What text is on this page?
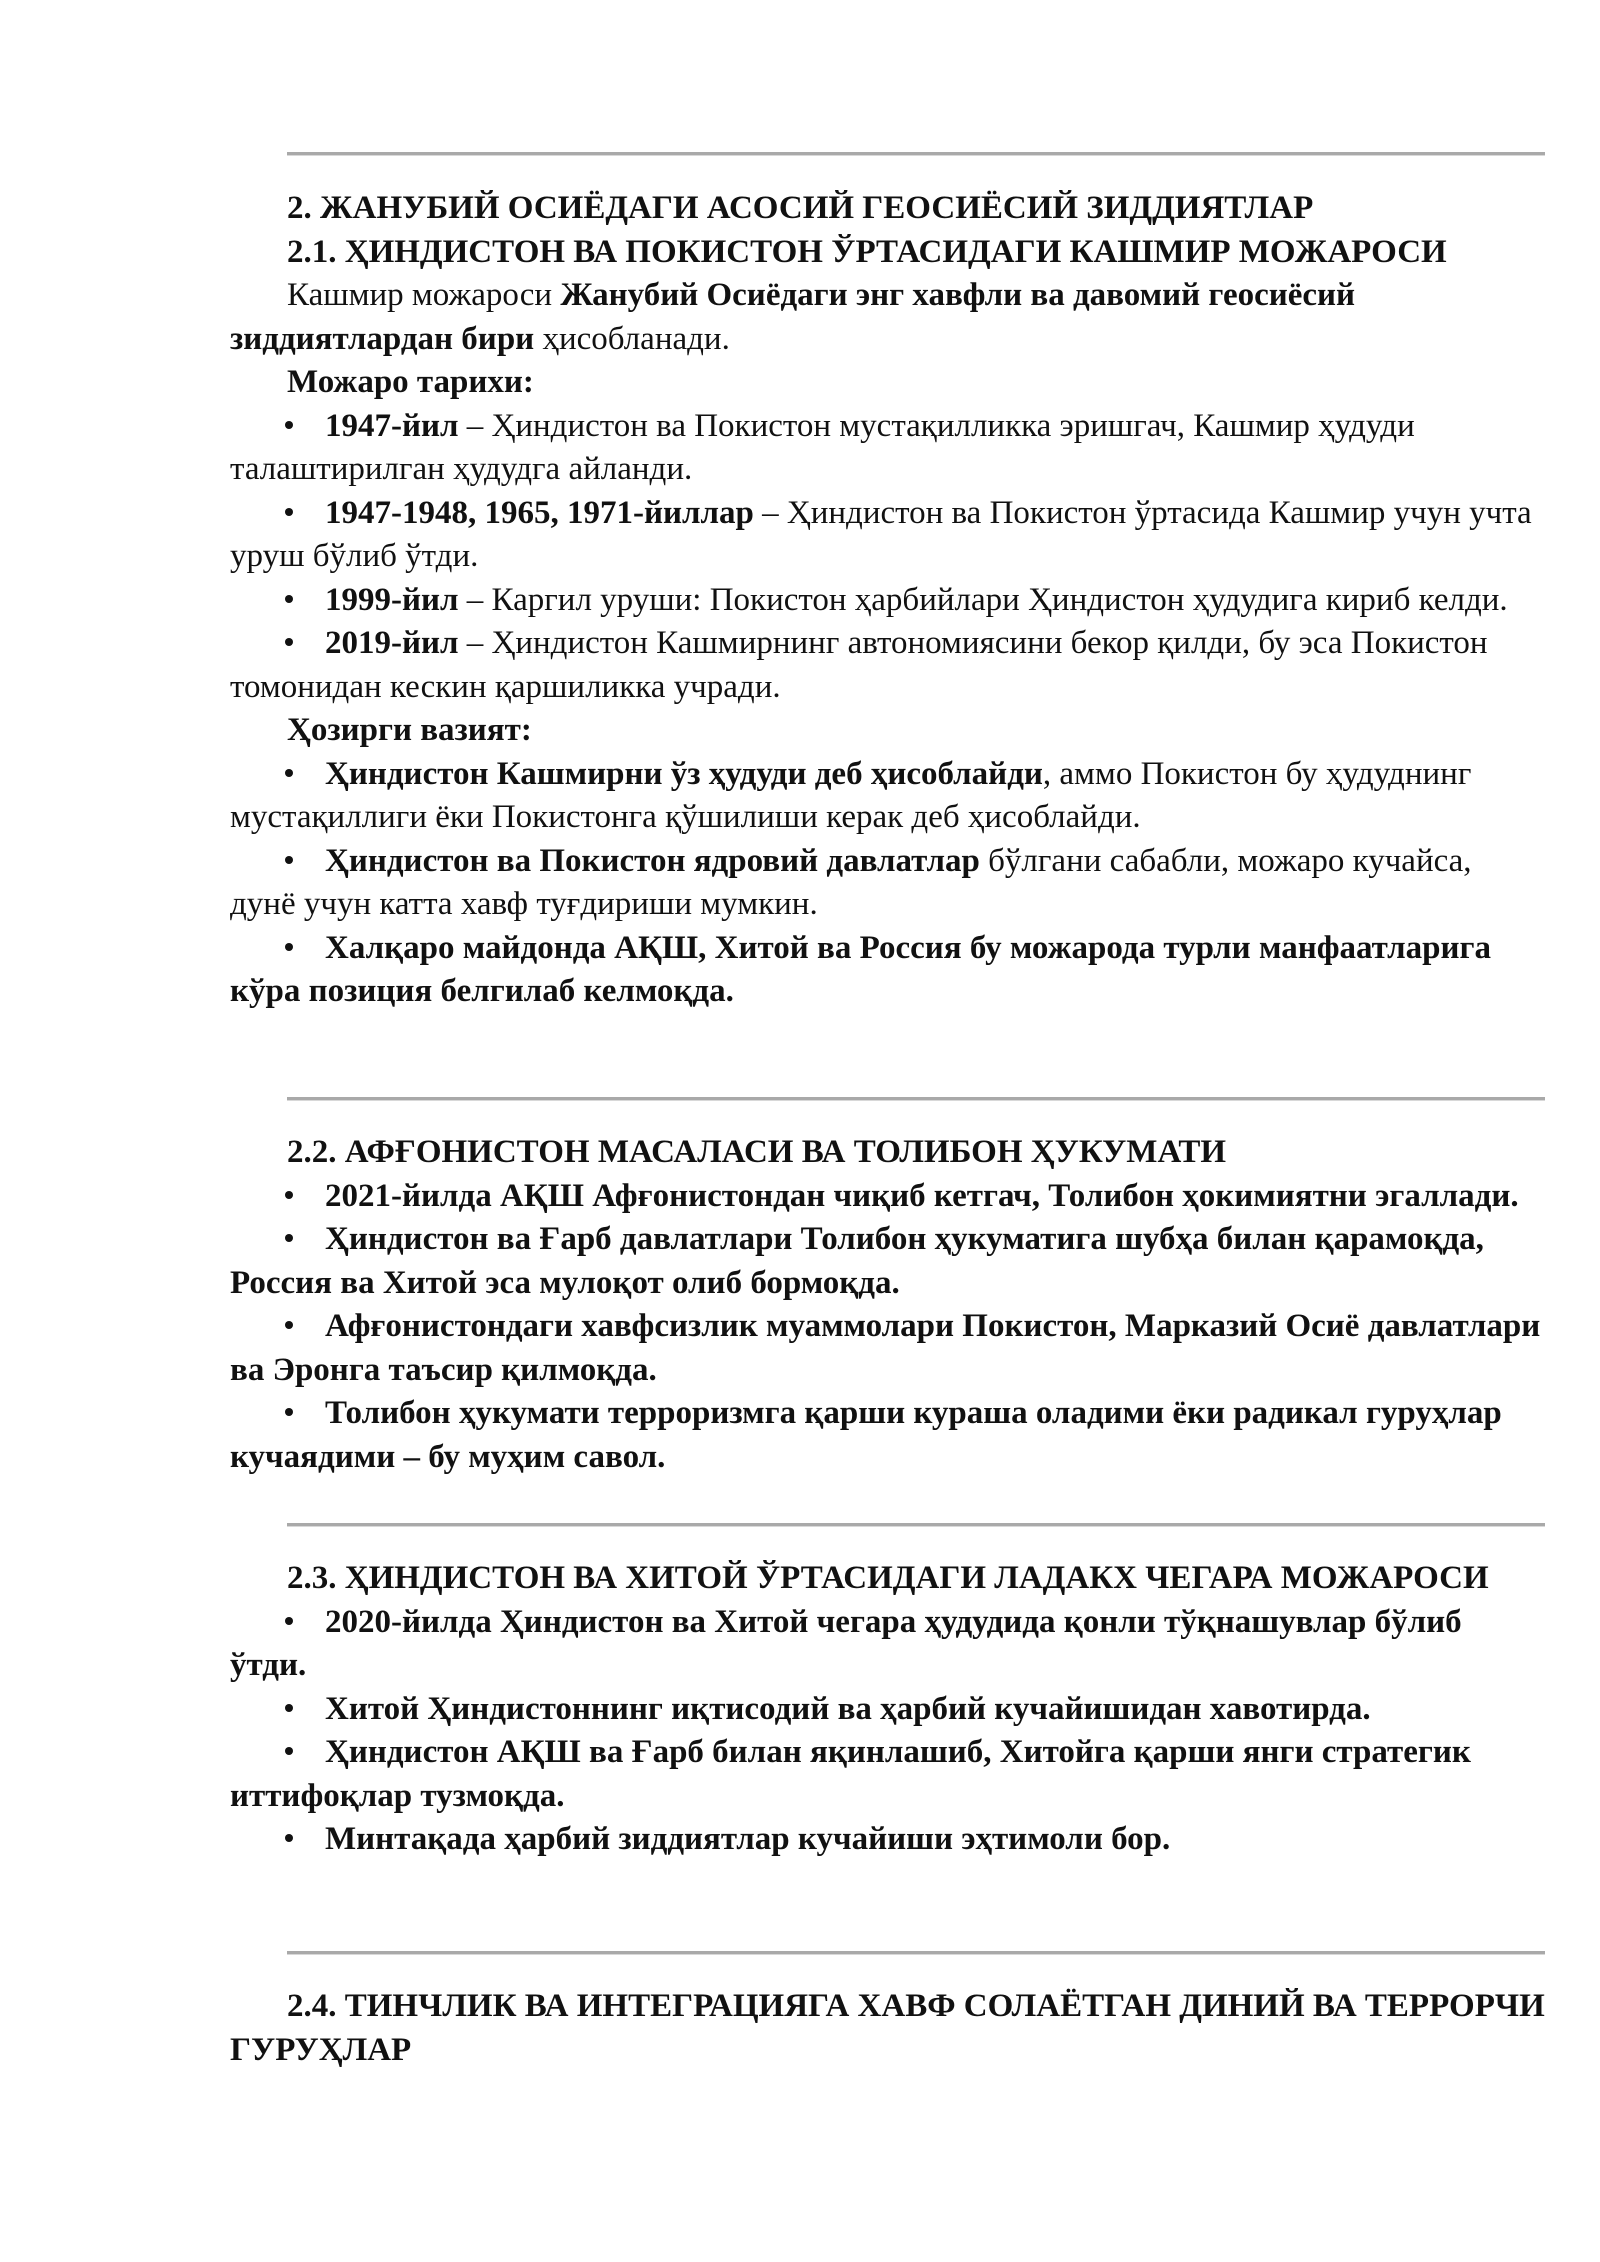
2. ЖАНУБИЙ ОСИЁДАГИ АСОСИЙ ГЕОСИЁСИЙ ЗИДДИЯТЛАР

2.1. ҲИНДИСТОН ВА ПОКИСТОН ЎРТАСИДАГИ КАШМИР МОЖАРОСИ

Кашмир можароси Жанубий Осиёдаги энг хавфли ва давомий геосиёсий зиддиятлардан бири ҳисобланади.

Можаро тарихи:

1947-йил – Ҳиндистон ва Покистон мустақилликка эришгач, Кашмир ҳудуди талаштирилган ҳудудга айланди.

1947-1948, 1965, 1971-йиллар – Ҳиндистон ва Покистон ўртасида Кашмир учун учта уруш бўлиб ўтди.

1999-йил – Каргил уруши: Покистон ҳарбийлари Ҳиндистон ҳудудига кириб келди.

2019-йил – Ҳиндистон Кашмирнинг автономиясини бекор қилди, бу эса Покистон томонидан кескин қаршиликка учради.

Ҳозирги вазият:

Ҳиндистон Кашмирни ўз ҳудуди деб ҳисоблайди, аммо Покистон бу ҳудуднинг мустақиллиги ёки Покистонга қўшилиши керак деб ҳисоблайди.

Ҳиндистон ва Покистон ядровий давлатлар бўлгани сабабли, можаро кучайса, дунё учун катта хавф туғдириши мумкин.

Халқаро майдонда АҚШ, Хитой ва Россия бу можарода турли манфаатларига кўра позиция белгилаб келмоқда.

2.2. АФҒОНИСТОН МАСАЛАСИ ВА ТОЛИБОН ҲУКУМАТИ

2021-йилда АҚШ Афғонистондан чиқиб кетгач, Толибон ҳокимиятни эгаллади.

Ҳиндистон ва Ғарб давлатлари Толибон ҳукуматига шубҳа билан қарамоқда, Россия ва Хитой эса мулоқот олиб бормоқда.

Афғонистондаги хавфсизлик муаммолари Покистон, Марказий Осиё давлатлари ва Эронга таъсир қилмоқда.

Толибон ҳукумати терроризмга қарши кураша оладими ёки радикал гуруҳлар кучаядими – бу муҳим савол.

2.3. ҲИНДИСТОН ВА ХИТОЙ ЎРТАСИДАГИ ЛАДАКХ ЧЕГАРА МОЖАРОСИ

2020-йилда Ҳиндистон ва Хитой чегара ҳудудида қонли тўқнашувлар бўлиб ўтди.

Хитой Ҳиндистоннинг иқтисодий ва ҳарбий кучайишидан хавотирда.

Ҳиндистон АҚШ ва Ғарб билан яқинлашиб, Хитойга қарши янги стратегик иттифоқлар тузмоқда.

Минтақада ҳарбий зиддиятлар кучайиши эҳтимоли бор.

2.4. ТИНЧЛИК ВА ИНТЕГРАЦИЯГА ХАВФ СОЛАЁТГАН ДИНИЙ ВА ТЕРРОРЧИ ГУРУҲЛАР
